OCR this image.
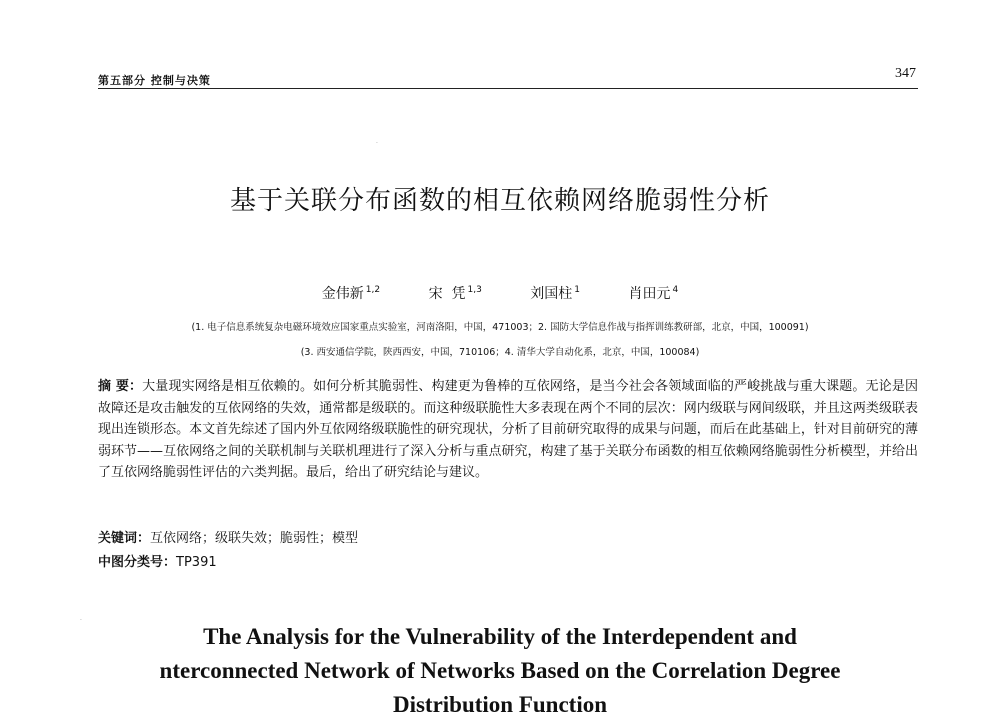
第五部分 控制与决策	347
·
·
基于关联分布函数的相互依赖网络脆弱性分析
金伟新 $^{1,2}$	宋  凭 $^{1,3}$	刘国柱 $^1$	肖田元 $^4$
(1. 电子信息系统复杂电磁环境效应国家重点实验室，河南洛阳，中国，471003；2. 国防大学信息作战与指挥训练教研部，北京，中国，100091)
(3. 西安通信学院，陕西西安，中国，710106；4. 清华大学自动化系，北京，中国，100084)
摘 要：大量现实网络是相互依赖的。如何分析其脆弱性、构建更为鲁棒的互依网络，是当今社会各领域面临的严峻挑战与重大课题。无论是因故障还是攻击触发的互依网络的失效，通常都是级联的。而这种级联脆性大多表现在两个不同的层次：网内级联与网间级联，并且这两类级联表现出连锁形态。本文首先综述了国内外互依网络级联脆性的研究现状，分析了目前研究取得的成果与问题，而后在此基础上，针对目前研究的薄弱环节——互依网络之间的关联机制与关联机理进行了深入分析与重点研究，构建了基于关联分布函数的相互依赖网络脆弱性分析模型，并给出了互依网络脆弱性评估的六类判据。最后，给出了研究结论与建议。
关键词：互依网络；级联失效；脆弱性；模型
中图分类号：TP391
The Analysis for the Vulnerability of the Interdependent and
nterconnected Network of Networks Based on the Correlation Degree
Distribution Function
